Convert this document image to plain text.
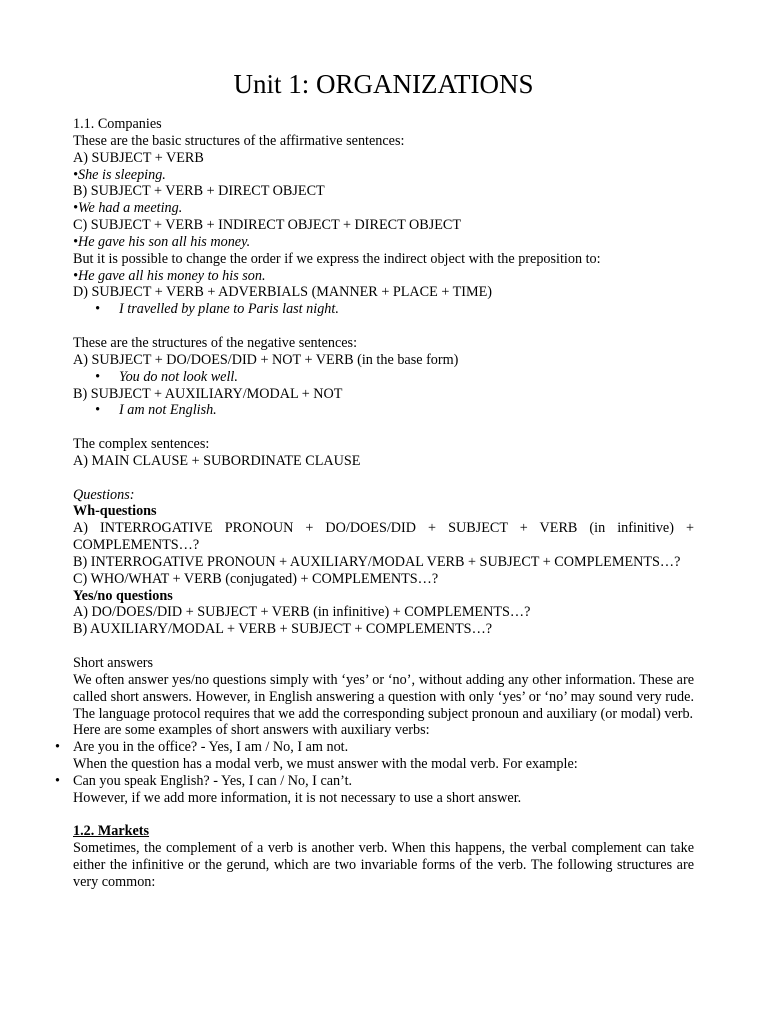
Unit 1: ORGANIZATIONS
1.1. Companies
These are the basic structures of the affirmative sentences:
A) SUBJECT + VERB
•She is sleeping.
B) SUBJECT + VERB + DIRECT OBJECT
•We had a meeting.
C) SUBJECT + VERB + INDIRECT OBJECT + DIRECT OBJECT
•He gave his son all his money.
But it is possible to change the order if we express the indirect object with the preposition to:
•He gave all his money to his son.
D) SUBJECT + VERB + ADVERBIALS (MANNER + PLACE + TIME)
• I travelled by plane to Paris last night.
These are the structures of the negative sentences:
A) SUBJECT + DO/DOES/DID + NOT + VERB (in the base form)
• You do not look well.
B) SUBJECT + AUXILIARY/MODAL + NOT
• I am not English.
The complex sentences:
A) MAIN CLAUSE + SUBORDINATE CLAUSE
Questions:
Wh-questions
A) INTERROGATIVE PRONOUN + DO/DOES/DID + SUBJECT + VERB (in infinitive) + COMPLEMENTS…?
B) INTERROGATIVE PRONOUN + AUXILIARY/MODAL VERB + SUBJECT + COMPLEMENTS…?
C) WHO/WHAT + VERB (conjugated) + COMPLEMENTS…?
Yes/no questions
A) DO/DOES/DID + SUBJECT + VERB (in infinitive) + COMPLEMENTS…?
B) AUXILIARY/MODAL + VERB + SUBJECT + COMPLEMENTS…?
Short answers
We often answer yes/no questions simply with ‘yes’ or ‘no’, without adding any other information. These are called short answers. However, in English answering a question with only ‘yes’ or ‘no’ may sound very rude. The language protocol requires that we add the corresponding subject pronoun and auxiliary (or modal) verb.
Here are some examples of short answers with auxiliary verbs:
• Are you in the office? - Yes, I am / No, I am not.
When the question has a modal verb, we must answer with the modal verb. For example:
• Can you speak English? - Yes, I can / No, I can’t.
However, if we add more information, it is not necessary to use a short answer.
1.2. Markets
Sometimes, the complement of a verb is another verb. When this happens, the verbal complement can take either the infinitive or the gerund, which are two invariable forms of the verb. The following structures are very common:
